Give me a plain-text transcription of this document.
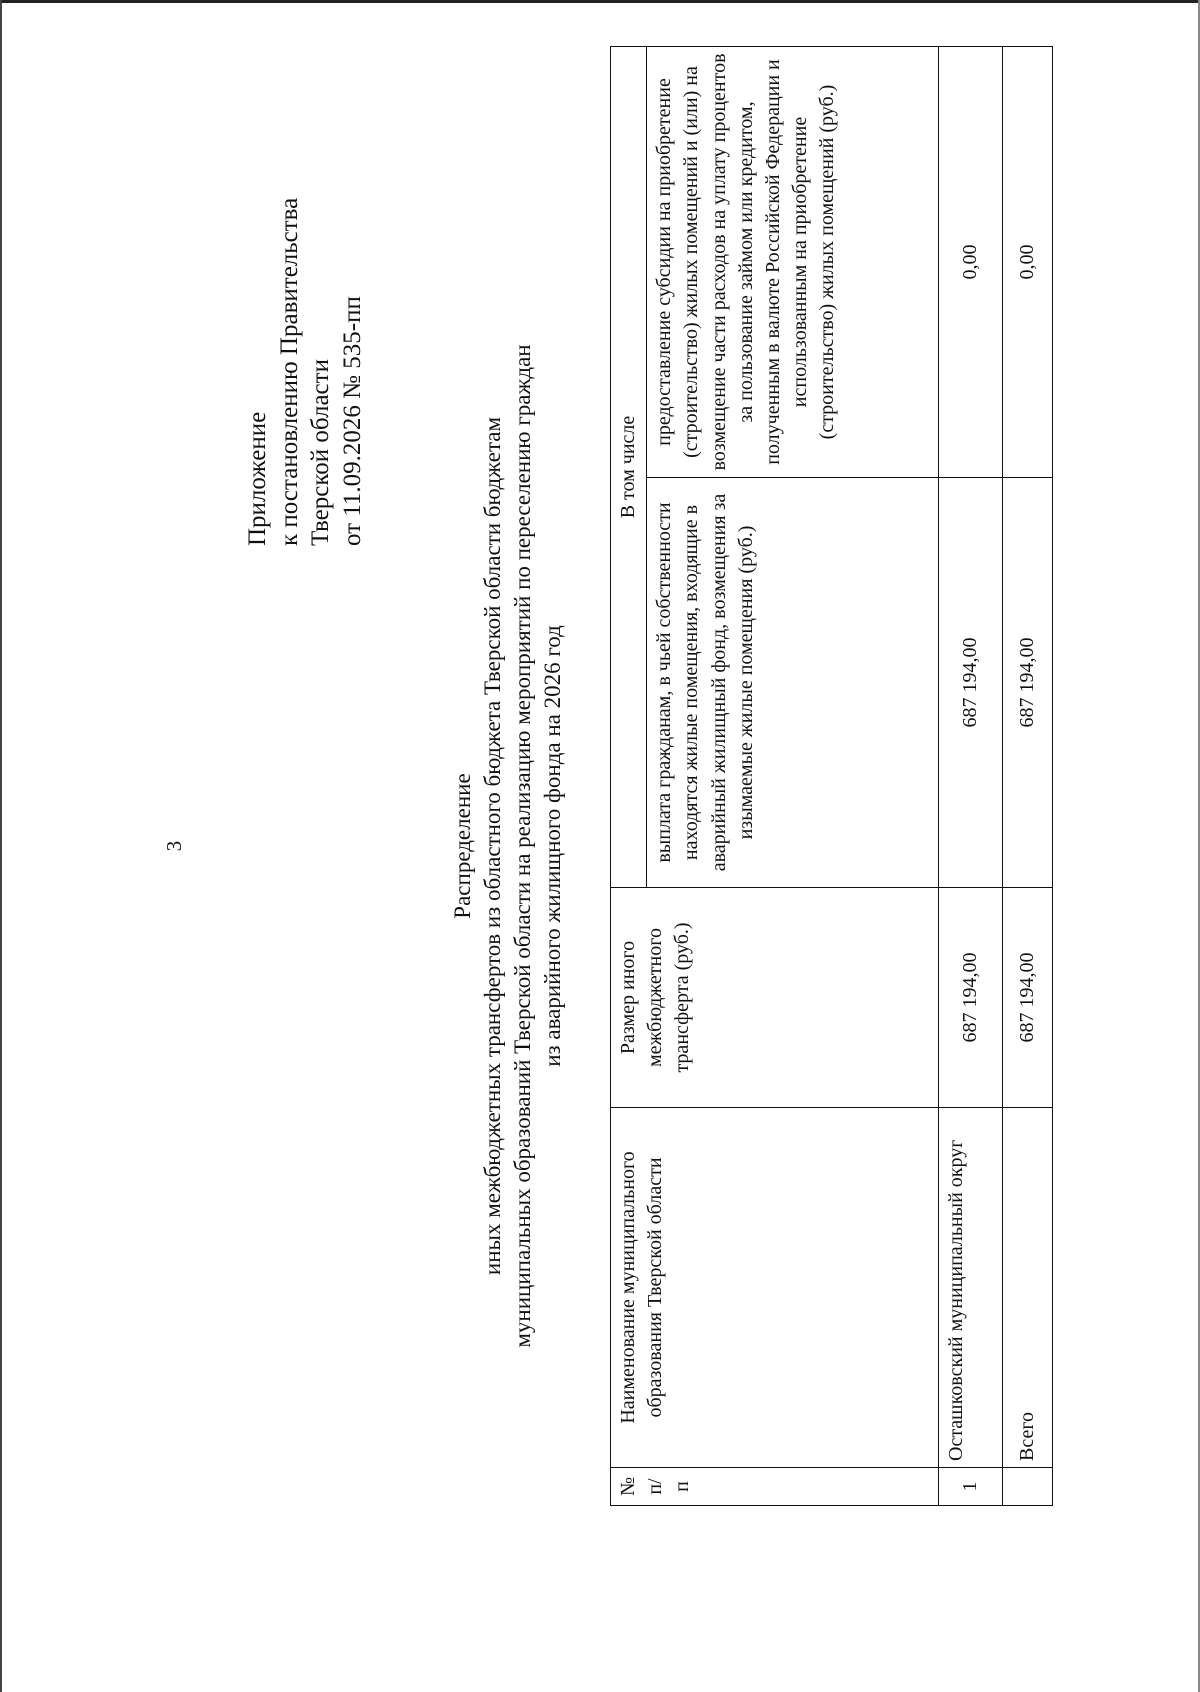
3
Приложение к постановлению Правительства Тверской области от 11.09.2026 № 535-пп
Распределение иных межбюджетных трансфертов из областного бюджета Тверской области бюджетам муниципальных образований Тверской области на реализацию мероприятий по переселению граждан из аварийного жилищного фонда на 2026 год
№ п/п	Наименование муниципального образования Тверской области	Размер иного межбюджетного трансферта (руб.)	В том числе	
			выплата гражданам, в чьей собственности находятся жилые помещения, входящие в аварийный жилищный фонд, возмещения за изымаемые жилые помещения (руб.)	предоставление субсидии на приобретение (строительство) жилых помещений и (или) на возмещение части расходов на уплату процентов за пользование займом или кредитом, полученным в валюте Российской Федерации и использованным на приобретение (строительство) жилых помещений (руб.)
1	Осташковский муниципальный округ	687 194,00	687 194,00	0,00
	Всего	687 194,00	687 194,00	0,00
